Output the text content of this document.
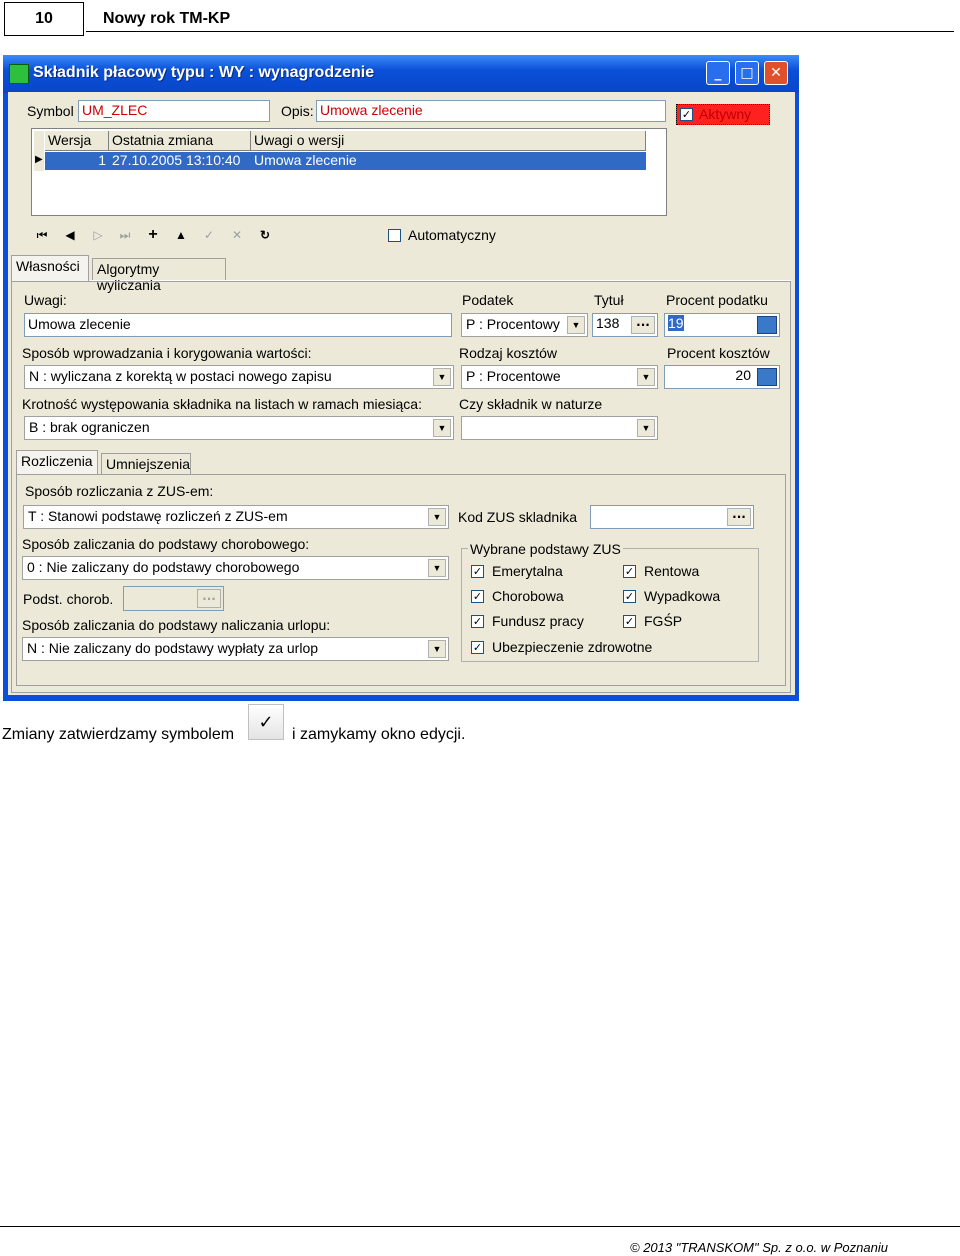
10	Nowy rok TM-KP
Składnik płacowy typu : WY : wynagrodzenie	_	□	✕
Symbol UM_ZLEC	Opis: Umowa zlecenie	✓ Aktywny
▶
Wersja	Ostatnia zmiana	Uwagi o wersji
1 27.10.2005 13:10:40 Umowa zlecenie
⏮ ◀ ▷ ⏭ + ▲ ✓ ✕ ↻	Automatyczny
Własności	Algorytmy wyliczania
Uwagi:
Umowa zlecenie
Podatek
P : Procentowy	▼
Tytuł
138	···
Procent podatku
19
Sposób wprowadzania i korygowania wartości:
N : wyliczana z korektą w postaci nowego zapisu	▼
Rodzaj kosztów
P : Procentowe	▼
Procent kosztów
20
Krotność występowania składnika na listach w ramach miesiąca:
B : brak ograniczen	▼
Czy składnik w naturze
▼
Rozliczenia Umniejszenia
Sposób rozliczania z ZUS-em:
T : Stanowi podstawę rozliczeń z ZUS-em	▼	Kod ZUS skladnika	···
Sposób zaliczania do podstawy chorobowego:
0 : Nie zaliczany do podstawy chorobowego	▼
Podst. chorob.	···
Sposób zaliczania do podstawy naliczania urlopu:
N : Nie zaliczany do podstawy wypłaty za urlop	▼
Wybrane podstawy ZUS
✓ Emerytalna	✓ Rentowa
✓ Chorobowa	✓ Wypadkowa
✓ Fundusz pracy	✓ FGŚP
✓ Ubezpieczenie zdrowotne
Zmiany zatwierdzamy symbolem
✓
i zamykamy okno edycji.
© 2013 "TRANSKOM" Sp. z o.o. w Poznaniu
